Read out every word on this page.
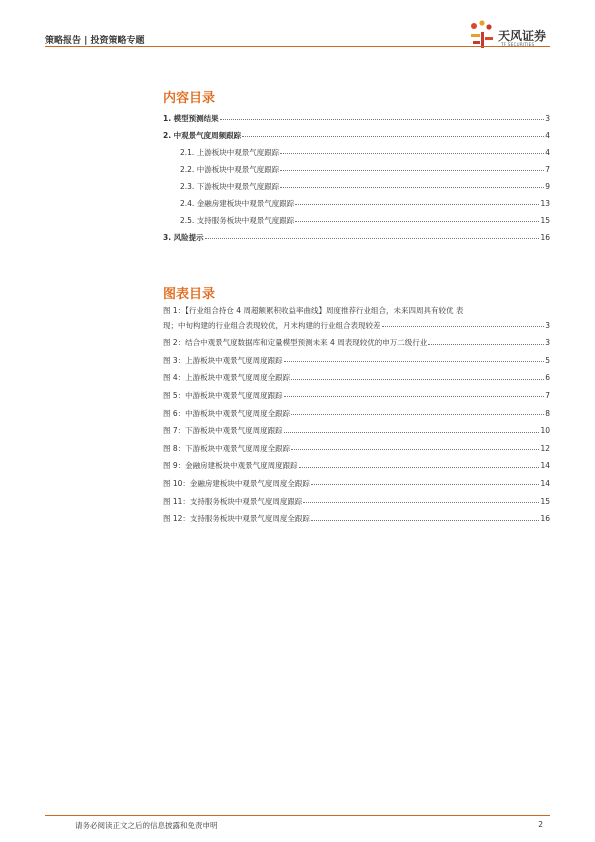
策略报告 | 投资策略专题	天风证券
TF SECURITIES
内容目录
1. 模型预测结果	3
2. 中观景气度周频跟踪	4
2.1. 上游板块中观景气度跟踪	4
2.2. 中游板块中观景气度跟踪	7
2.3. 下游板块中观景气度跟踪	9
2.4. 金融房建板块中观景气度跟踪	13
2.5. 支持服务板块中观景气度跟踪	15
3. 风险提示	16
图表目录
图 1：【行业组合持仓 4 周超额累积收益率曲线】周度推荐行业组合，未来四周具有较优 表
现；中旬构建的行业组合表现较优，月末构建的行业组合表现较差	3
图 2：结合中观景气度数据库和定量模型预测未来 4 周表现较优的申万二级行业	3
图 3：上游板块中观景气度周度跟踪	5
图 4：上游板块中观景气度周度全跟踪	6
图 5：中游板块中观景气度周度跟踪	7
图 6：中游板块中观景气度周度全跟踪	8
图 7：下游板块中观景气度周度跟踪	10
图 8：下游板块中观景气度周度全跟踪	12
图 9：金融房建板块中观景气度周度跟踪	14
图 10：金融房建板块中观景气度周度全跟踪	14
图 11：支持服务板块中观景气度周度跟踪	15
图 12：支持服务板块中观景气度周度全跟踪	16
请务必阅读正文之后的信息披露和免责申明	2
